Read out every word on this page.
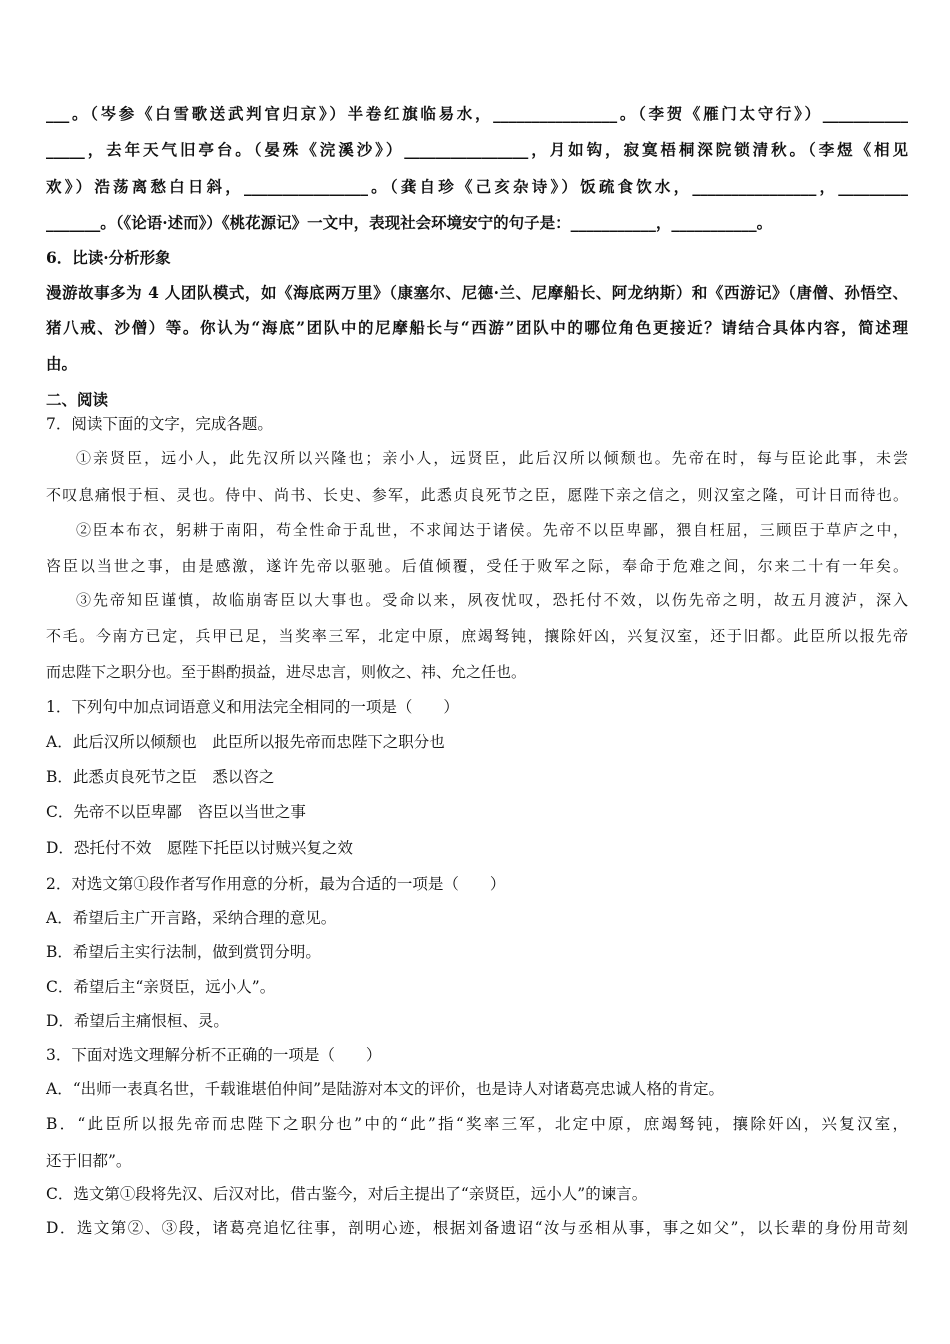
___。（岑参《白雪歌送武判官归京》）半卷红旗临易水，________________。（李贺《雁门太守行》）___________
_____，去年天气旧亭台。（晏殊《浣溪沙》）________________，月如钩，寂寞梧桐深院锁清秋。（李煜《相见
欢》）浩荡离愁白日斜，________________。（龚自珍《己亥杂诗》）饭疏食饮水，________________，_________
_______。（《论语·述而》）《桃花源记》一文中，表现社会环境安宁的句子是：___________，___________。
6．比读·分析形象
漫游故事多为 4 人团队模式，如《海底两万里》（康塞尔、尼德·兰、尼摩船长、阿龙纳斯）和《西游记》（唐僧、孙悟空、
猪八戒、沙僧）等。你认为“海底”团队中的尼摩船长与“西游”团队中的哪位角色更接近？请结合具体内容，简述理
由。
二、阅读
7．阅读下面的文字，完成各题。
①亲贤臣，远小人，此先汉所以兴隆也；亲小人，远贤臣，此后汉所以倾颓也。先帝在时，每与臣论此事，未尝
不叹息痛恨于桓、灵也。侍中、尚书、长史、参军，此悉贞良死节之臣，愿陛下亲之信之，则汉室之隆，可计日而待也。
②臣本布衣，躬耕于南阳，苟全性命于乱世，不求闻达于诸侯。先帝不以臣卑鄙，猥自枉屈，三顾臣于草庐之中，
咨臣以当世之事，由是感激，遂许先帝以驱驰。后值倾覆，受任于败军之际，奉命于危难之间，尔来二十有一年矣。
③先帝知臣谨慎，故临崩寄臣以大事也。受命以来，夙夜忧叹，恐托付不效，以伤先帝之明，故五月渡泸，深入
不毛。今南方已定，兵甲已足，当奖率三军，北定中原，庶竭驽钝，攘除奸凶，兴复汉室，还于旧都。此臣所以报先帝
而忠陛下之职分也。至于斟酌损益，进尽忠言，则攸之、祎、允之任也。
1．下列句中加点词语意义和用法完全相同的一项是（　　）
A．此后汉所以倾颓也　此臣所以报先帝而忠陛下之职分也
B．此悉贞良死节之臣　悉以咨之
C．先帝不以臣卑鄙　咨臣以当世之事
D．恐托付不效　愿陛下托臣以讨贼兴复之效
2．对选文第①段作者写作用意的分析，最为合适的一项是（　　）
A．希望后主广开言路，采纳合理的意见。
B．希望后主实行法制，做到赏罚分明。
C．希望后主“亲贤臣，远小人”。
D．希望后主痛恨桓、灵。
3．下面对选文理解分析不正确的一项是（　　）
A．“出师一表真名世，千载谁堪伯仲间”是陆游对本文的评价，也是诗人对诸葛亮忠诚人格的肯定。
B．“此臣所以报先帝而忠陛下之职分也”中的“此”指“奖率三军，北定中原，庶竭驽钝，攘除奸凶，兴复汉室，
还于旧都”。
C．选文第①段将先汉、后汉对比，借古鉴今，对后主提出了“亲贤臣，远小人”的谏言。
D．选文第②、③段，诸葛亮追忆往事，剖明心迹，根据刘备遗诏“汝与丞相从事，事之如父”，以长辈的身份用苛刻
